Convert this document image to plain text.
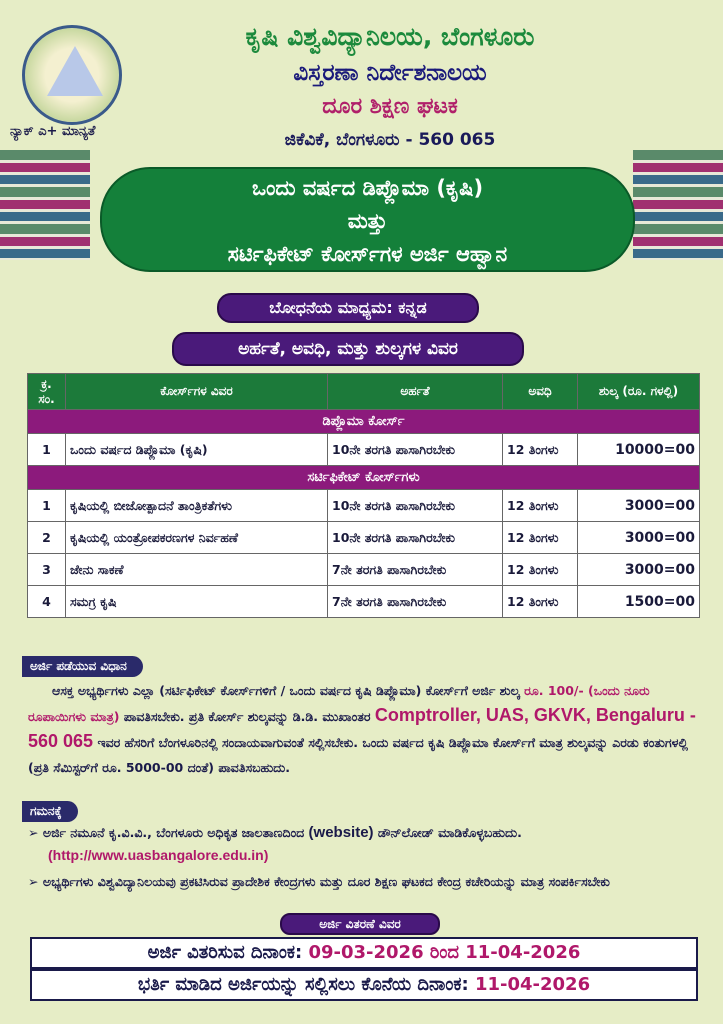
ನ್ಯಾಕ್ ಎ+ ಮಾನ್ಯತೆ
ಕೃಷಿ ವಿಶ್ವವಿದ್ಯಾನಿಲಯ, ಬೆಂಗಳೂರು
ವಿಸ್ತರಣಾ ನಿರ್ದೇಶನಾಲಯ
ದೂರ ಶಿಕ್ಷಣ ಘಟಕ
ಜಿಕೆವಿಕೆ, ಬೆಂಗಳೂರು - 560 065
ಒಂದು ವರ್ಷದ ಡಿಪ್ಲೊಮಾ (ಕೃಷಿ)
ಮತ್ತು
ಸರ್ಟಿಫಿಕೇಟ್ ಕೋರ್ಸ್‌ಗಳ ಅರ್ಜಿ ಆಹ್ವಾನ
ಬೋಧನೆಯ ಮಾಧ್ಯಮ: ಕನ್ನಡ
ಅರ್ಹತೆ, ಅವಧಿ, ಮತ್ತು ಶುಲ್ಕಗಳ ವಿವರ
ಕ್ರ. ಸಂ.	ಕೋರ್ಸ್‌ಗಳ ವಿವರ	ಅರ್ಹತೆ	ಅವಧಿ	ಶುಲ್ಕ (ರೂ. ಗಳಲ್ಲಿ)
ಡಿಪ್ಲೊಮಾ ಕೋರ್ಸ್				
1	ಒಂದು ವರ್ಷದ ಡಿಪ್ಲೊಮಾ (ಕೃಷಿ)	10ನೇ ತರಗತಿ ಪಾಸಾಗಿರಬೇಕು	12 ತಿಂಗಳು	10000=00
ಸರ್ಟಿಫಿಕೇಟ್ ಕೋರ್ಸ್‌ಗಳು				
1	ಕೃಷಿಯಲ್ಲಿ ಬೀಜೋತ್ಪಾದನೆ ತಾಂತ್ರಿಕತೆಗಳು	10ನೇ ತರಗತಿ ಪಾಸಾಗಿರಬೇಕು	12 ತಿಂಗಳು	3000=00
2	ಕೃಷಿಯಲ್ಲಿ ಯಂತ್ರೋಪಕರಣಗಳ ನಿರ್ವಹಣೆ	10ನೇ ತರಗತಿ ಪಾಸಾಗಿರಬೇಕು	12 ತಿಂಗಳು	3000=00
3	ಜೇನು ಸಾಕಣೆ	7ನೇ ತರಗತಿ ಪಾಸಾಗಿರಬೇಕು	12 ತಿಂಗಳು	3000=00
4	ಸಮಗ್ರ ಕೃಷಿ	7ನೇ ತರಗತಿ ಪಾಸಾಗಿರಬೇಕು	12 ತಿಂಗಳು	1500=00
ಅರ್ಜಿ ಪಡೆಯುವ ವಿಧಾನ
ಆಸಕ್ತ ಅಭ್ಯರ್ಥಿಗಳು ಎಲ್ಲಾ (ಸರ್ಟಿಫಿಕೇಟ್ ಕೋರ್ಸ್‌ಗಳಿಗೆ / ಒಂದು ವರ್ಷದ ಕೃಷಿ ಡಿಪ್ಲೊಮಾ) ಕೋರ್ಸ್‌ಗೆ ಅರ್ಜಿ ಶುಲ್ಕ ರೂ. 100/- (ಒಂದು ನೂರು ರೂಪಾಯಿಗಳು ಮಾತ್ರ) ಪಾವತಿಸಬೇಕು. ಪ್ರತಿ ಕೋರ್ಸ್ ಶುಲ್ಕವನ್ನು ಡಿ.ಡಿ. ಮುಖಾಂತರ Comptroller, UAS, GKVK, Bengaluru - 560 065 ಇವರ ಹೆಸರಿಗೆ ಬೆಂಗಳೂರಿನಲ್ಲಿ ಸಂದಾಯವಾಗುವಂತೆ ಸಲ್ಲಿಸಬೇಕು. ಒಂದು ವರ್ಷದ ಕೃಷಿ ಡಿಪ್ಲೊಮಾ ಕೋರ್ಸ್‌ಗೆ ಮಾತ್ರ ಶುಲ್ಕವನ್ನು ಎರಡು ಕಂತುಗಳಲ್ಲಿ (ಪ್ರತಿ ಸೆಮಿಸ್ಟರ್‌ಗೆ ರೂ. 5000-00 ದಂತೆ) ಪಾವತಿಸಬಹುದು.
ಗಮನಕ್ಕೆ
➢ ಅರ್ಜಿ ನಮೂನೆ ಕೃ.ವಿ.ವಿ., ಬೆಂಗಳೂರು ಅಧಿಕೃತ ಜಾಲತಾಣದಿಂದ (website) ಡೌನ್‌ಲೋಡ್ ಮಾಡಿಕೊಳ್ಳಬಹುದು.
(http://www.uasbangalore.edu.in)
➢ ಅಭ್ಯರ್ಥಿಗಳು ವಿಶ್ವವಿದ್ಯಾನಿಲಯವು ಪ್ರಕಟಿಸಿರುವ ಪ್ರಾದೇಶಿಕ ಕೇಂದ್ರಗಳು ಮತ್ತು ದೂರ ಶಿಕ್ಷಣ ಘಟಕದ ಕೇಂದ್ರ ಕಚೇರಿಯನ್ನು ಮಾತ್ರ ಸಂಪರ್ಕಿಸಬೇಕು
ಅರ್ಜಿ ವಿತರಣೆ ವಿವರ
ಅರ್ಜಿ ವಿತರಿಸುವ ದಿನಾಂಕ: 09-03-2026 ರಿಂದ 11-04-2026
ಭರ್ತಿ ಮಾಡಿದ ಅರ್ಜಿಯನ್ನು ಸಲ್ಲಿಸಲು ಕೊನೆಯ ದಿನಾಂಕ: 11-04-2026
